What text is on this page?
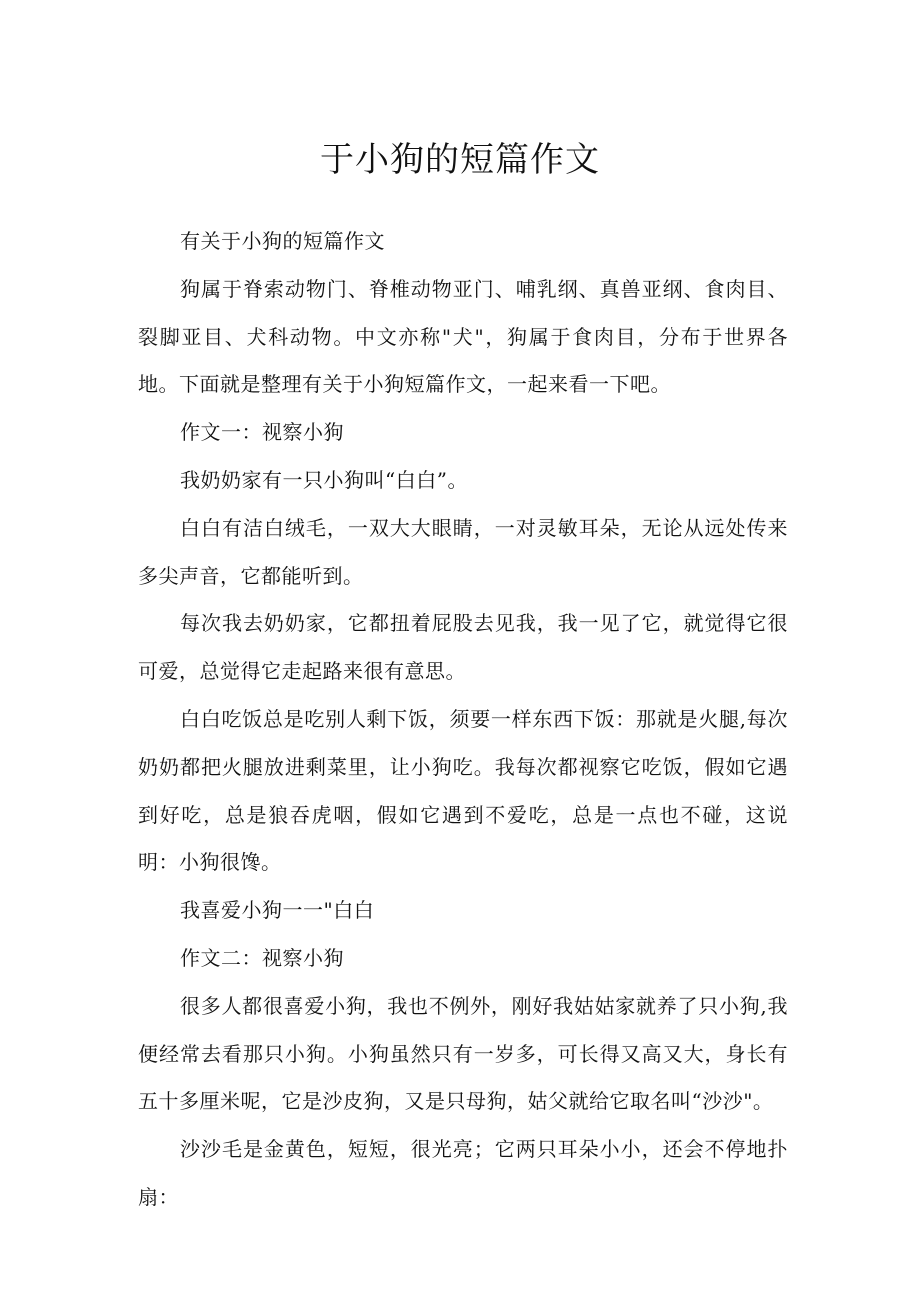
于小狗的短篇作文

有关于小狗的短篇作文

狗属于脊索动物门、脊椎动物亚门、哺乳纲、真兽亚纲、食肉目、裂脚亚目、犬科动物。中文亦称"犬"，狗属于食肉目，分布于世界各地。下面就是整理有关于小狗短篇作文，一起来看一下吧。

作文一：视察小狗

我奶奶家有一只小狗叫“白白”。

白白有洁白绒毛，一双大大眼睛，一对灵敏耳朵，无论从远处传来多尖声音，它都能听到。

每次我去奶奶家，它都扭着屁股去见我，我一见了它，就觉得它很可爱，总觉得它走起路来很有意思。

白白吃饭总是吃别人剩下饭，须要一样东西下饭：那就是火腿,每次奶奶都把火腿放进剩菜里，让小狗吃。我每次都视察它吃饭，假如它遇到好吃，总是狼吞虎咽，假如它遇到不爱吃，总是一点也不碰，这说明：小狗很馋。

我喜爱小狗一一"白白

作文二：视察小狗

很多人都很喜爱小狗，我也不例外，刚好我姑姑家就养了只小狗,我便经常去看那只小狗。小狗虽然只有一岁多，可长得又高又大，身长有五十多厘米呢，它是沙皮狗，又是只母狗，姑父就给它取名叫“沙沙"。

沙沙毛是金黄色，短短，很光亮；它两只耳朵小小，还会不停地扑扇：
